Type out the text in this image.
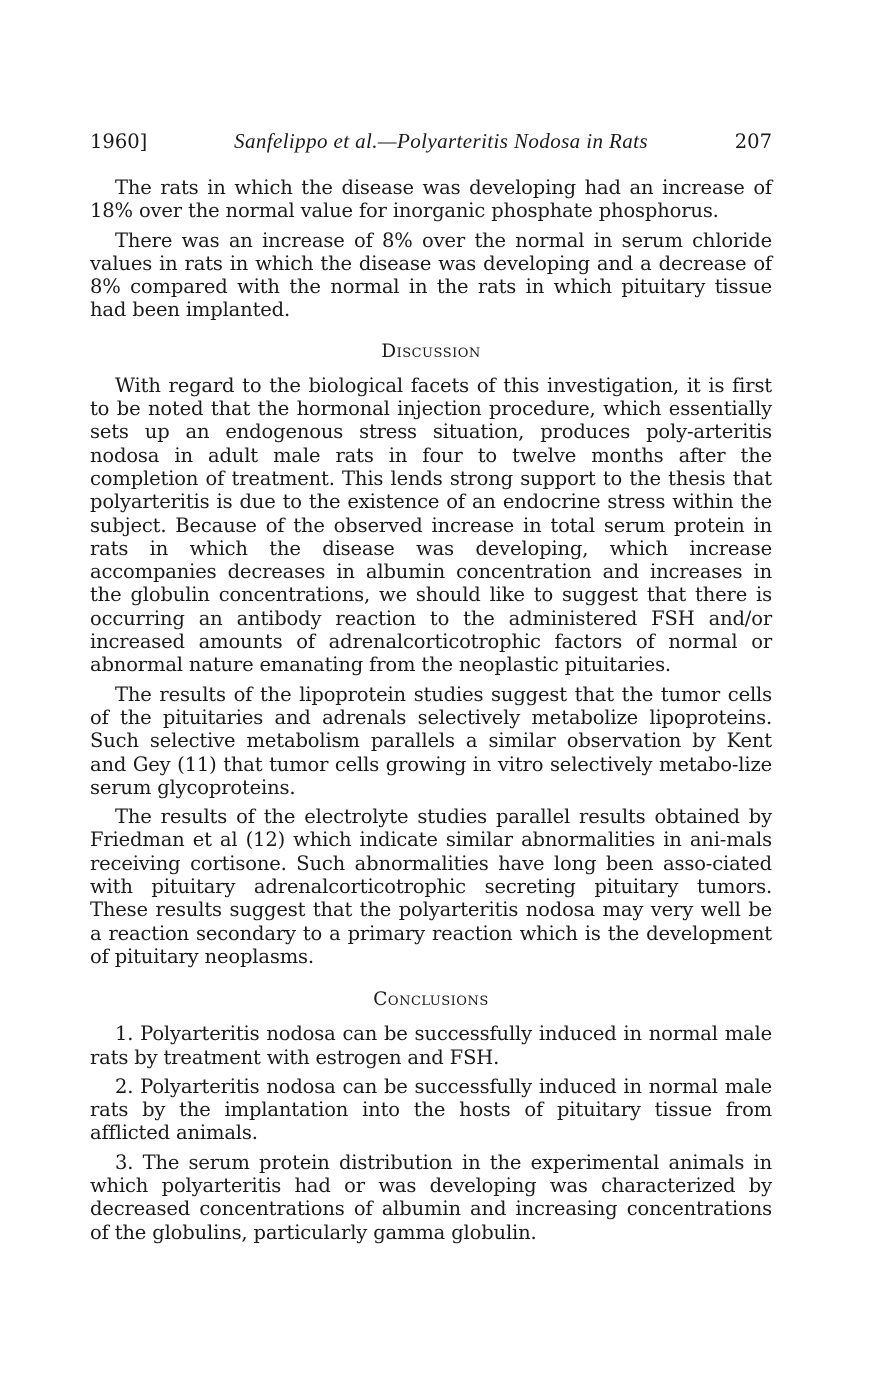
1960]	Sanfelippo et al.—Polyarteritis Nodosa in Rats	207

The rats in which the disease was developing had an increase of 18% over the normal value for inorganic phosphate phosphorus.

There was an increase of 8% over the normal in serum chloride values in rats in which the disease was developing and a decrease of 8% compared with the normal in the rats in which pituitary tissue had been implanted.

Discussion

With regard to the biological facets of this investigation, it is first to be noted that the hormonal injection procedure, which essentially sets up an endogenous stress situation, produces poly-arteritis nodosa in adult male rats in four to twelve months after the completion of treatment. This lends strong support to the thesis that polyarteritis is due to the existence of an endocrine stress within the subject. Because of the observed increase in total serum protein in rats in which the disease was developing, which increase accompanies decreases in albumin concentration and increases in the globulin concentrations, we should like to suggest that there is occurring an antibody reaction to the administered FSH and/or increased amounts of adrenalcorticotrophic factors of normal or abnormal nature emanating from the neoplastic pituitaries.

The results of the lipoprotein studies suggest that the tumor cells of the pituitaries and adrenals selectively metabolize lipoproteins. Such selective metabolism parallels a similar observation by Kent and Gey (11) that tumor cells growing in vitro selectively metabo-lize serum glycoproteins.

The results of the electrolyte studies parallel results obtained by Friedman et al (12) which indicate similar abnormalities in ani-mals receiving cortisone. Such abnormalities have long been asso-ciated with pituitary adrenalcorticotrophic secreting pituitary tumors. These results suggest that the polyarteritis nodosa may very well be a reaction secondary to a primary reaction which is the development of pituitary neoplasms.

Conclusions

1. Polyarteritis nodosa can be successfully induced in normal male rats by treatment with estrogen and FSH.

2. Polyarteritis nodosa can be successfully induced in normal male rats by the implantation into the hosts of pituitary tissue from afflicted animals.

3. The serum protein distribution in the experimental animals in which polyarteritis had or was developing was characterized by decreased concentrations of albumin and increasing concentrations of the globulins, particularly gamma globulin.
